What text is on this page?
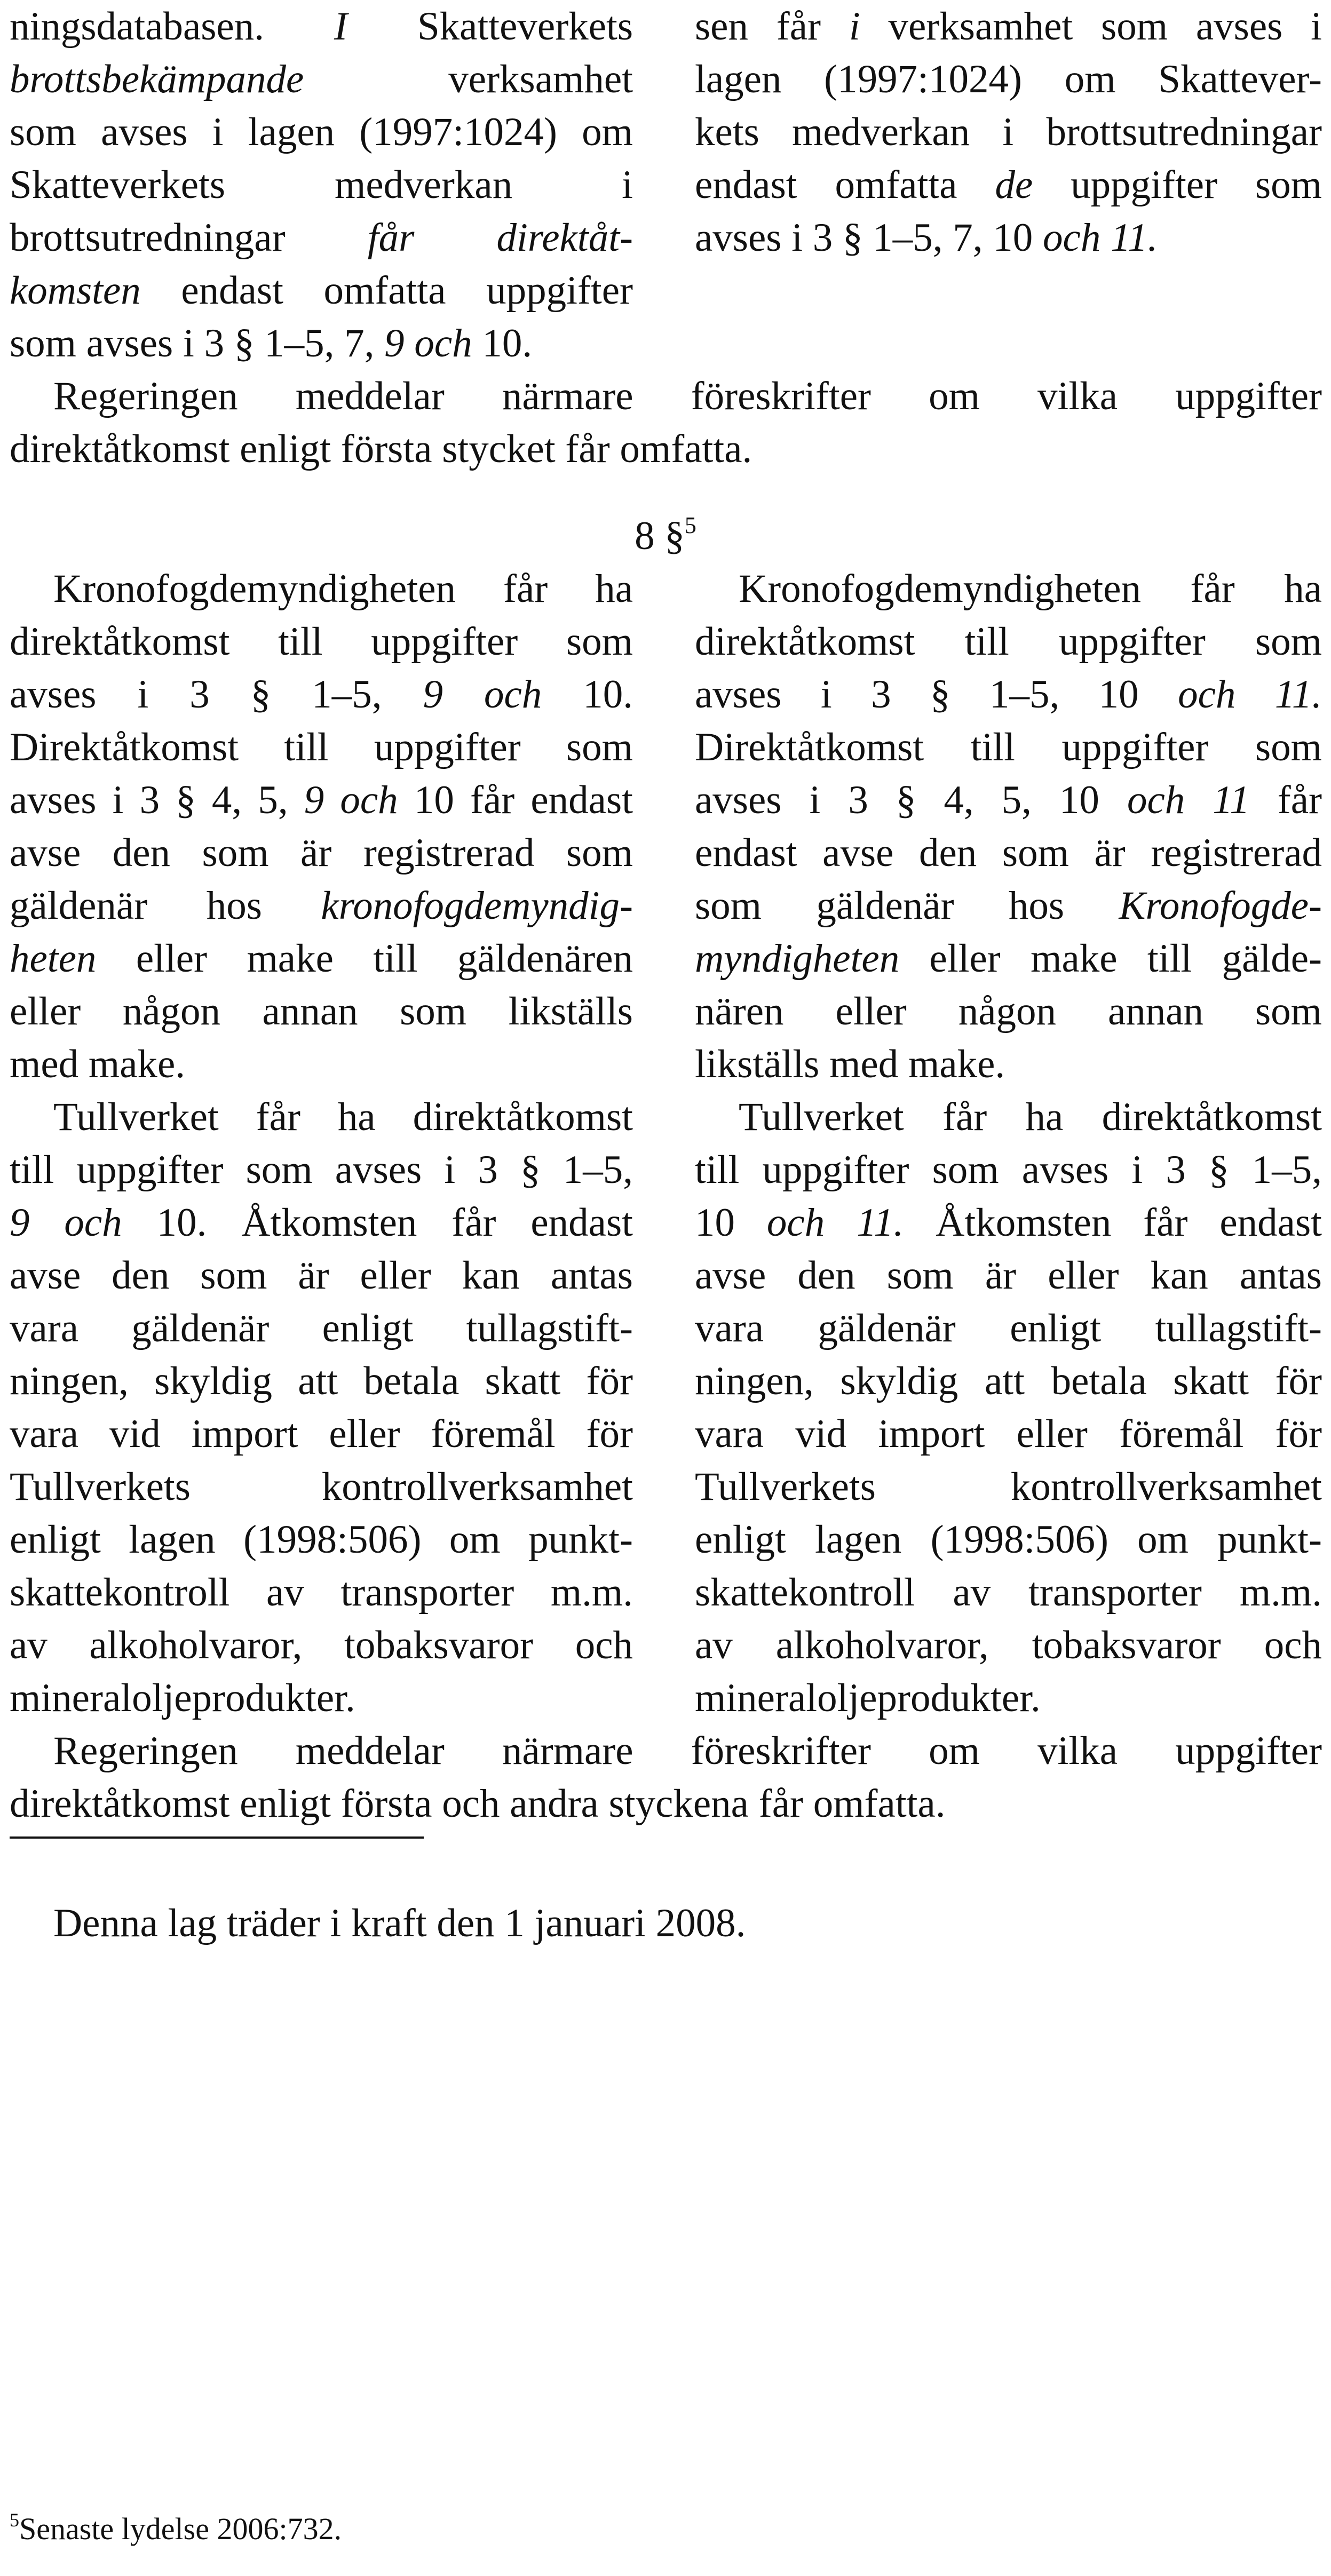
ningsdatabasen. I Skatteverkets
brottsbekämpande verksamhet
som avses i lagen (1997:1024) om
Skatteverkets medverkan i
brottsutredningar får direktåt-
komsten endast omfatta uppgifter
som avses i 3 § 1–5, 7, 9 och 10.
sen får i verksamhet som avses i
lagen (1997:1024) om Skattever-
kets medverkan i brottsutredningar
endast omfatta de uppgifter som
avses i 3 § 1–5, 7, 10 och 11.
Regeringen meddelar närmare föreskrifter om vilka uppgifter
direktåtkomst enligt första stycket får omfatta.
8 §$^5$
Kronofogdemyndigheten får ha
direktåtkomst till uppgifter som
avses i 3 § 1–5, 9 och 10.
Direktåtkomst till uppgifter som
avses i 3 § 4, 5, 9 och 10 får endast
avse den som är registrerad som
gäldenär hos kronofogdemyndig-
heten eller make till gäldenären
eller någon annan som likställs
med make.
Kronofogdemyndigheten får ha
direktåtkomst till uppgifter som
avses i 3 § 1–5, 10 och 11.
Direktåtkomst till uppgifter som
avses i 3 § 4, 5, 10 och 11 får
endast avse den som är registrerad
som gäldenär hos Kronofogde-
myndigheten eller make till gälde-
nären eller någon annan som
likställs med make.
Tullverket får ha direktåtkomst
till uppgifter som avses i 3 § 1–5,
9 och 10. Åtkomsten får endast
avse den som är eller kan antas
vara gäldenär enligt tullagstift-
ningen, skyldig att betala skatt för
vara vid import eller föremål för
Tullverkets kontrollverksamhet
enligt lagen (1998:506) om punkt-
skattekontroll av transporter m.m.
av alkoholvaror, tobaksvaror och
mineraloljeprodukter.
Tullverket får ha direktåtkomst
till uppgifter som avses i 3 § 1–5,
10 och 11. Åtkomsten får endast
avse den som är eller kan antas
vara gäldenär enligt tullagstift-
ningen, skyldig att betala skatt för
vara vid import eller föremål för
Tullverkets kontrollverksamhet
enligt lagen (1998:506) om punkt-
skattekontroll av transporter m.m.
av alkoholvaror, tobaksvaror och
mineraloljeprodukter.
Regeringen meddelar närmare föreskrifter om vilka uppgifter
direktåtkomst enligt första och andra styckena får omfatta.
Denna lag träder i kraft den 1 januari 2008.
$^5$Senaste lydelse 2006:732.
